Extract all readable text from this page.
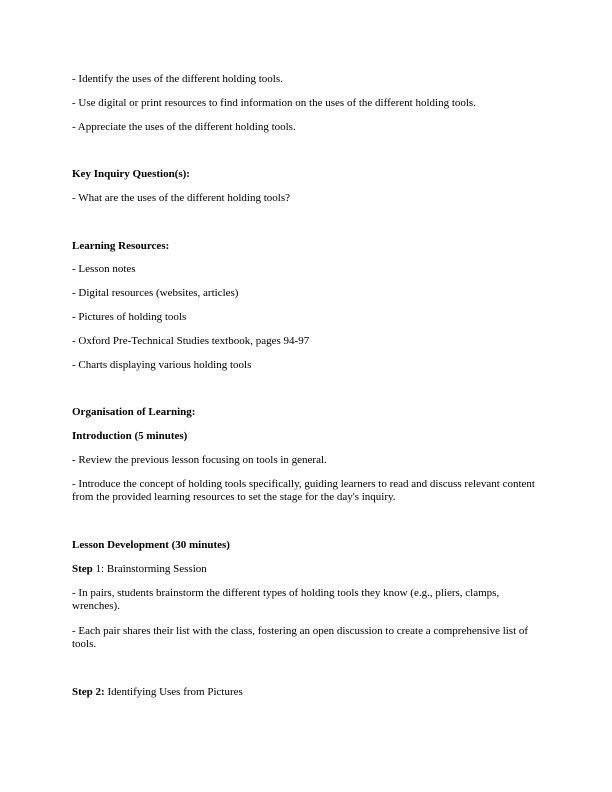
- Identify the uses of the different holding tools.

- Use digital or print resources to find information on the uses of the different holding tools.

- Appreciate the uses of the different holding tools.

Key Inquiry Question(s):

- What are the uses of the different holding tools?

Learning Resources:

- Lesson notes

- Digital resources (websites, articles)

- Pictures of holding tools

- Oxford Pre-Technical Studies textbook, pages 94-97

- Charts displaying various holding tools

Organisation of Learning:

Introduction (5 minutes)

- Review the previous lesson focusing on tools in general.

- Introduce the concept of holding tools specifically, guiding learners to read and discuss relevant content from the provided learning resources to set the stage for the day's inquiry.

Lesson Development (30 minutes)

Step 1: Brainstorming Session

- In pairs, students brainstorm the different types of holding tools they know (e.g., pliers, clamps, wrenches).

- Each pair shares their list with the class, fostering an open discussion to create a comprehensive list of tools.

Step 2: Identifying Uses from Pictures
